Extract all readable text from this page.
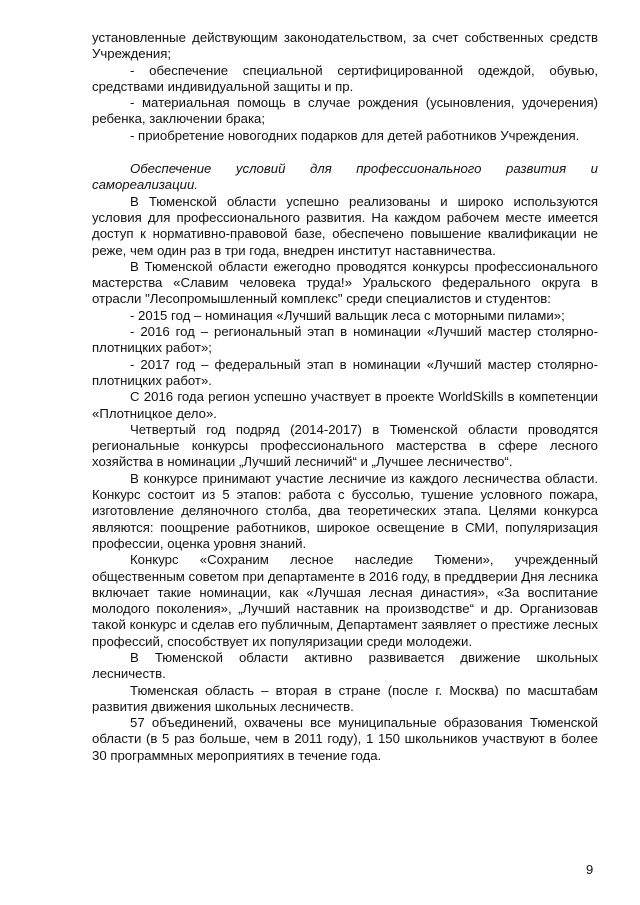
установленные действующим законодательством, за счет собственных средств Учреждения;

- обеспечение специальной сертифицированной одеждой, обувью, средствами индивидуальной защиты и пр.

- материальная помощь в случае рождения (усыновления, удочерения) ребенка, заключении брака;

- приобретение новогодних подарков для детей работников Учреждения.

Обеспечение условий для профессионального развития и самореализации.

В Тюменской области успешно реализованы и широко используются условия для профессионального развития. На каждом рабочем месте имеется доступ к нормативно-правовой базе, обеспечено повышение квалификации не реже, чем один раз в три года, внедрен институт наставничества.

В Тюменской области ежегодно проводятся конкурсы профессионального мастерства «Славим человека труда!» Уральского федерального округа в отрасли "Лесопромышленный комплекс" среди специалистов и студентов:

- 2015 год – номинация «Лучший вальщик леса с моторными пилами»;

- 2016 год – региональный этап в номинации «Лучший мастер столярно-плотницких работ»;

- 2017 год – федеральный этап в номинации «Лучший мастер столярно-плотницких работ».

С 2016 года регион успешно участвует в проекте WorldSkills в компетенции «Плотницкое дело».

Четвертый год подряд (2014-2017) в Тюменской области проводятся региональные конкурсы профессионального мастерства в сфере лесного хозяйства в номинации „Лучший лесничий“ и „Лучшее лесничество“.

В конкурсе принимают участие лесничие из каждого лесничества области. Конкурс состоит из 5 этапов: работа с буссолью, тушение условного пожара, изготовление деляночного столба, два теоретических этапа. Целями конкурса являются: поощрение работников, широкое освещение в СМИ, популяризация профессии, оценка уровня знаний.

Конкурс «Сохраним лесное наследие Тюмени», учрежденный общественным советом при департаменте в 2016 году, в преддверии Дня лесника включает такие номинации, как «Лучшая лесная династия», «За воспитание молодого поколения», „Лучший наставник на производстве“ и др. Организовав такой конкурс и сделав его публичным, Департамент заявляет о престиже лесных профессий, способствует их популяризации среди молодежи.

В Тюменской области активно развивается движение школьных лесничеств.

Тюменская область – вторая в стране (после г. Москва) по масштабам развития движения школьных лесничеств.

57 объединений, охвачены все муниципальные образования Тюменской области (в 5 раз больше, чем в 2011 году), 1 150 школьников участвуют в более 30 программных мероприятиях в течение года.

9
